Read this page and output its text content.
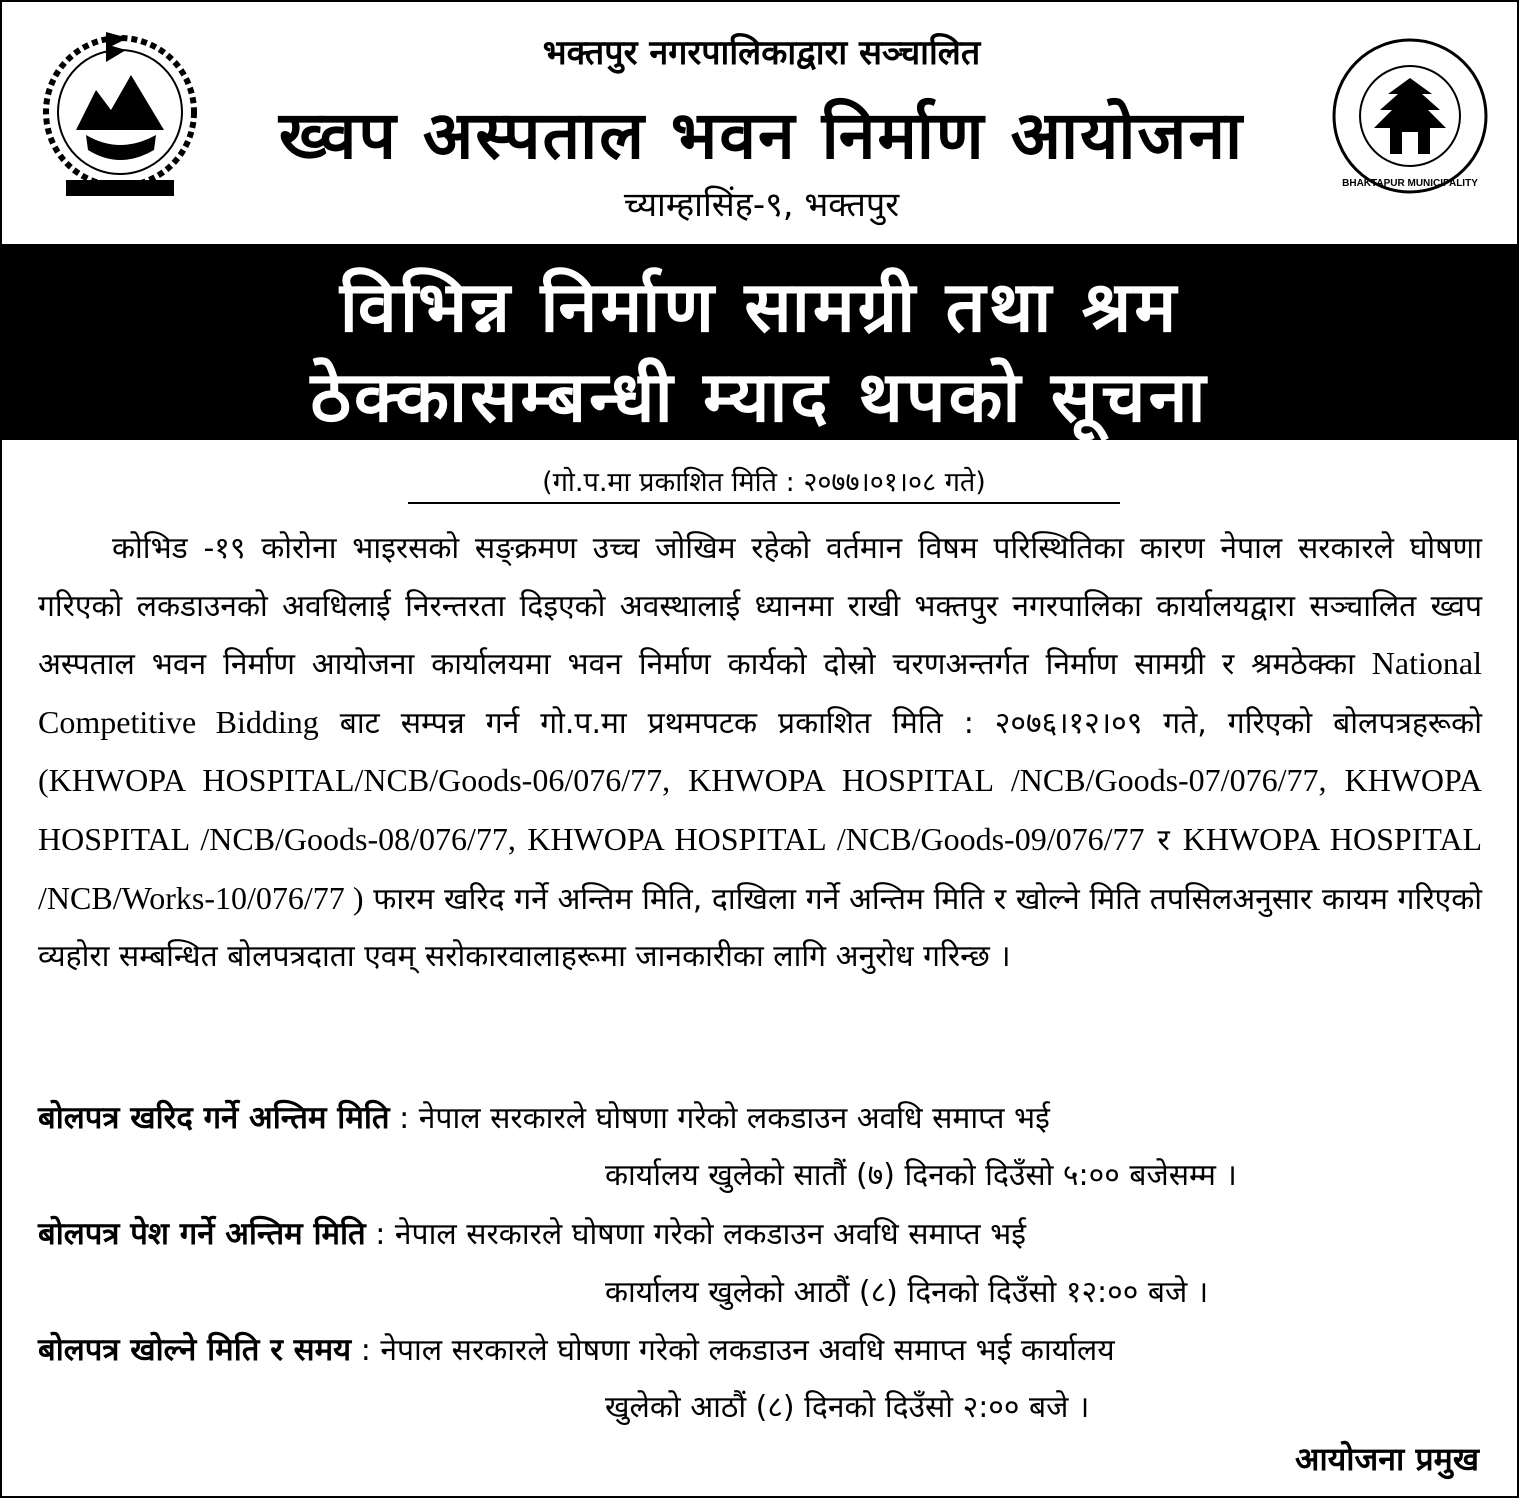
BHAKTAPUR MUNICIPALITY
भक्तपुर नगरपालिकाद्वारा सञ्चालित
ख्वप अस्पताल भवन निर्माण आयोजना
च्याम्हासिंह-९, भक्तपुर
विभिन्न निर्माण सामग्री तथा श्रम
ठेक्कासम्बन्धी म्याद थपको सूचना
(गो.प.मा प्रकाशित मिति : २०७७।०१।०८ गते)
कोभिड -१९ कोरोना भाइरसको सङ्क्रमण उच्च जोखिम रहेको वर्तमान विषम परिस्थितिका कारण नेपाल सरकारले घोषणा गरिएको लकडाउनको अवधिलाई निरन्तरता दिइएको अवस्थालाई ध्यानमा राखी भक्तपुर नगरपालिका कार्यालयद्वारा सञ्चालित ख्वप अस्पताल भवन निर्माण आयोजना कार्यालयमा भवन निर्माण कार्यको दोस्रो चरणअन्तर्गत निर्माण सामग्री र श्रमठेक्का National Competitive Bidding बाट सम्पन्न गर्न गो.प.मा प्रथमपटक प्रकाशित मिति : २०७६।१२।०९ गते, गरिएको बोलपत्रहरूको (KHWOPA HOSPITAL/NCB/Goods-06/076/77, KHWOPA HOSPITAL /NCB/Goods-07/076/77, KHWOPA HOSPITAL /NCB/Goods-08/076/77, KHWOPA HOSPITAL /NCB/Goods-09/076/77 र KHWOPA HOSPITAL /NCB/Works-10/076/77 ) फारम खरिद गर्ने अन्तिम मिति, दाखिला गर्ने अन्तिम मिति र खोल्ने मिति तपसिलअनुसार कायम गरिएको व्यहोरा सम्बन्धित बोलपत्रदाता एवम् सरोकारवालाहरूमा जानकारीका लागि अनुरोध गरिन्छ ।
बोलपत्र खरिद गर्ने अन्तिम मिति : नेपाल सरकारले घोषणा गरेको लकडाउन अवधि समाप्त भई
कार्यालय खुलेको सातौं (७) दिनको दिउँसो ५:०० बजेसम्म ।
बोलपत्र पेश गर्ने अन्तिम मिति : नेपाल सरकारले घोषणा गरेको लकडाउन अवधि समाप्त भई
कार्यालय खुलेको आठौं (८) दिनको दिउँसो १२:०० बजे ।
बोलपत्र खोल्ने मिति र समय : नेपाल सरकारले घोषणा गरेको लकडाउन अवधि समाप्त भई कार्यालय
खुलेको आठौं (८) दिनको दिउँसो २:०० बजे ।
आयोजना प्रमुख
